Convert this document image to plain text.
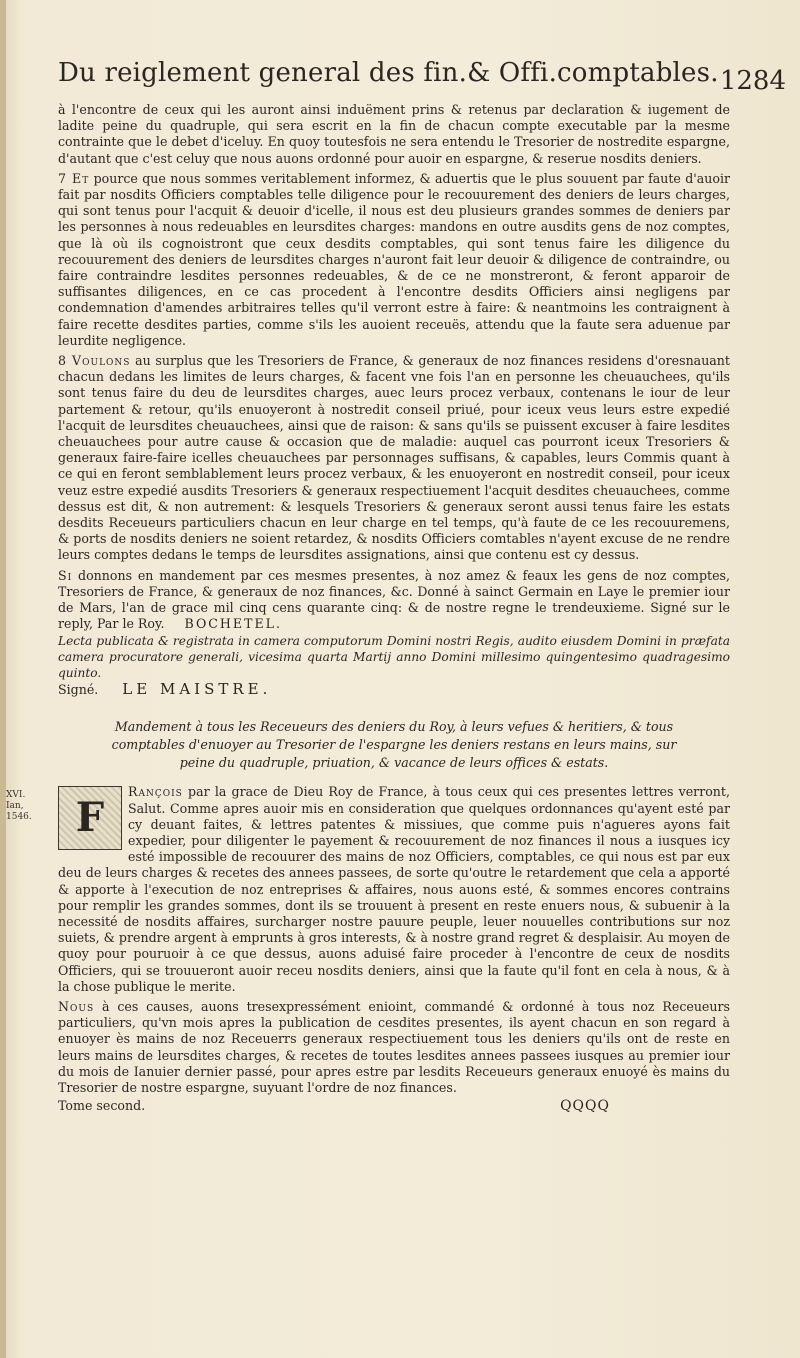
Du reiglement general des fin.& Offi.comptables. 1284

à l'encontre de ceux qui les auront ainsi induëment prins & retenus par declaration & iugement de ladite peine du quadruple, qui sera escrit en la fin de chacun compte executable par la mesme contrainte que le debet d'iceluy. En quoy toutesfois ne sera entendu le Tresorier de nostredite espargne, d'autant que c'est celuy que nous auons ordonné pour auoir en espargne, & reserue nosdits deniers.

7 Et pource que nous sommes veritablement informez, & aduertis que le plus souuent par faute d'auoir fait par nosdits Officiers comptables telle diligence pour le recouurement des deniers de leurs charges, qui sont tenus pour l'acquit & deuoir d'icelle, il nous est deu plusieurs grandes sommes de deniers par les personnes à nous redeuables en leursdites charges: mandons en outre ausdits gens de noz comptes, que là où ils cognoistront que ceux desdits comptables, qui sont tenus faire les diligence du recouurement des deniers de leursdites charges n'auront fait leur deuoir & diligence de contraindre, ou faire contraindre lesdites personnes redeuables, & de ce ne monstreront, & feront apparoir de suffisantes diligences, en ce cas procedent à l'encontre desdits Officiers ainsi negligens par condemnation d'amendes arbitraires telles qu'il verront estre à faire: & neantmoins les contraignent à faire recette desdites parties, comme s'ils les auoient receuës, attendu que la faute sera aduenue par leurdite negligence.

8 Voulons au surplus que les Tresoriers de France, & generaux de noz finances residens d'oresnauant chacun dedans les limites de leurs charges, & facent vne fois l'an en personne les cheuauchees, qu'ils sont tenus faire du deu de leursdites charges, auec leurs procez verbaux, contenans le iour de leur partement & retour, qu'ils enuoyeront à nostredit conseil priué, pour iceux veus leurs estre expedié l'acquit de leursdites cheuauchees, ainsi que de raison: & sans qu'ils se puissent excuser à faire lesdites cheuauchees pour autre cause & occasion que de maladie: auquel cas pourront iceux Tresoriers & generaux faire-faire icelles cheuauchees par personnages suffisans, & capables, leurs Commis quant à ce qui en feront semblablement leurs procez verbaux, & les enuoyeront en nostredit conseil, pour iceux veuz estre expedié ausdits Tresoriers & generaux respectiuement l'acquit desdites cheuauchees, comme dessus est dit, & non autrement: & lesquels Tresoriers & generaux seront aussi tenus faire les estats desdits Receueurs particuliers chacun en leur charge en tel temps, qu'à faute de ce les recouuremens, & ports de nosdits deniers ne soient retardez, & nosdits Officiers comtables n'ayent excuse de ne rendre leurs comptes dedans le temps de leursdites assignations, ainsi que contenu est cy dessus.

Si donnons en mandement par ces mesmes presentes, à noz amez & feaux les gens de noz comptes, Tresoriers de France, & generaux de noz finances, &c. Donné à sainct Germain en Laye le premier iour de Mars, l'an de grace mil cinq cens quarante cinq: & de nostre regne le trendeuxieme. Signé sur le reply, Par le Roy. BOCHETEL.

Lecta publicata & registrata in camera computorum Domini nostri Regis, audito eiusdem Domini in præfata camera procuratore generali, vicesima quarta Martij anno Domini millesimo quingentesimo quadragesimo quinto.

Signé. LE MAISTRE.

Mandement à tous les Receueurs des deniers du Roy, à leurs vefues & heritiers, & tous comptables d'enuoyer au Tresorier de l'espargne les deniers restans en leurs mains, sur peine du quadruple, priuation, & vacance de leurs offices & estats.
XVI.
Ian, 1546.	F
Rançois par la grace de Dieu Roy de France, à tous ceux qui ces presentes lettres verront, Salut. Comme apres auoir mis en consideration que quelques ordonnances qu'ayent esté par cy deuant faites, & lettres patentes & missiues, que comme puis n'agueres ayons fait expedier, pour diligenter le payement & recouurement de noz finances il nous a iusques icy esté impossible de recouurer des mains de noz Officiers, comptables, ce qui nous est par eux deu de leurs charges & recetes des annees passees, de sorte qu'outre le retardement que cela a apporté & apporte à l'execution de noz entreprises & affaires, nous auons esté, & sommes encores contrains pour remplir les grandes sommes, dont ils se trouuent à present en reste enuers nous, & subuenir à la necessité de nosdits affaires, surcharger nostre pauure peuple, leuer nouuelles contributions sur noz suiets, & prendre argent à emprunts à gros interests, & à nostre grand regret & desplaisir. Au moyen de quoy pour pouruoir à ce que dessus, auons aduisé faire proceder à l'encontre de ceux de nosdits Officiers, qui se trouueront auoir receu nosdits deniers, ainsi que la faute qu'il font en cela à nous, & à la chose publique le merite.

Nous à ces causes, auons tresexpressément enioint, commandé & ordonné à tous noz Receueurs particuliers, qu'vn mois apres la publication de cesdites presentes, ils ayent chacun en son regard à enuoyer ès mains de noz Receuerrs generaux respectiuement tous les deniers qu'ils ont de reste en leurs mains de leursdites charges, & recetes de toutes lesdites annees passees iusques au premier iour du mois de Ianuier dernier passé, pour apres estre par lesdits Receueurs generaux enuoyé ès mains du Tresorier de nostre espargne, suyuant l'ordre de noz finances.

Tome second.	QQQQ
